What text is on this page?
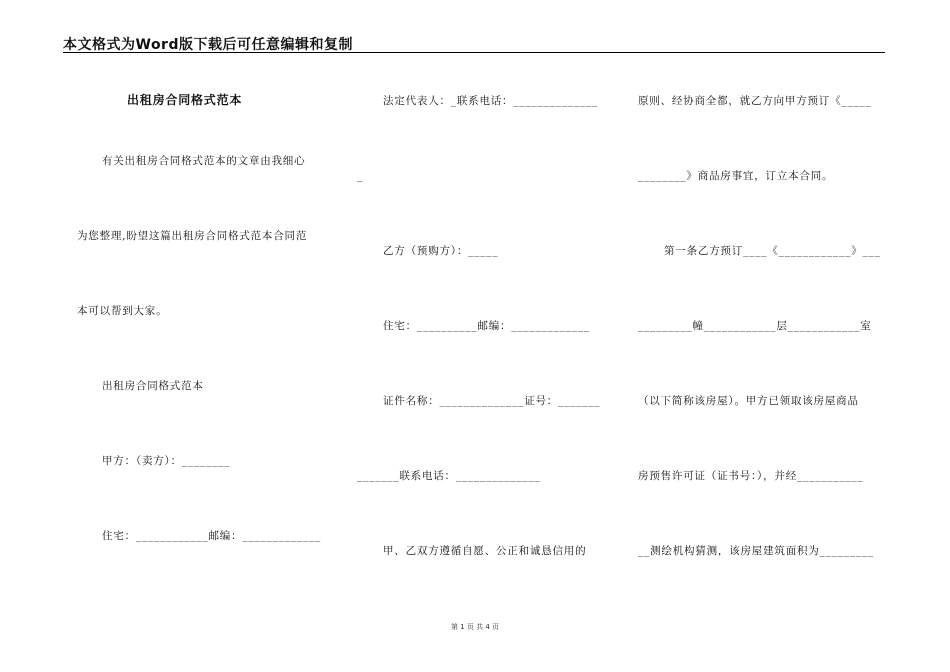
本文格式为Word版下载后可任意编辑和复制
出租房合同格式范本
有关出租房合同格式范本的文章由我细心
为您整理,盼望这篇出租房合同格式范本合同范
本可以帮到大家。
出租房合同格式范本
甲方：（卖方）：________
住宅：____________邮编：_____________
法定代表人：_联系电话：______________
_
乙方（预购方）：_____
住宅：__________邮编：_____________
证件名称：______________证号：_______
_______联系电话：______________
甲、乙双方遵循自愿、公正和诚恳信用的
原则、经协商全都，就乙方向甲方预订《_____
________》商品房事宜，订立本合同。
第一条乙方预订____《____________》___
_________幢____________层____________室
（以下简称该房屋）。甲方已领取该房屋商品
房预售许可证（证书号：），并经___________
__测绘机构猜测，该房屋建筑面积为_________
第 1 页 共 4 页
